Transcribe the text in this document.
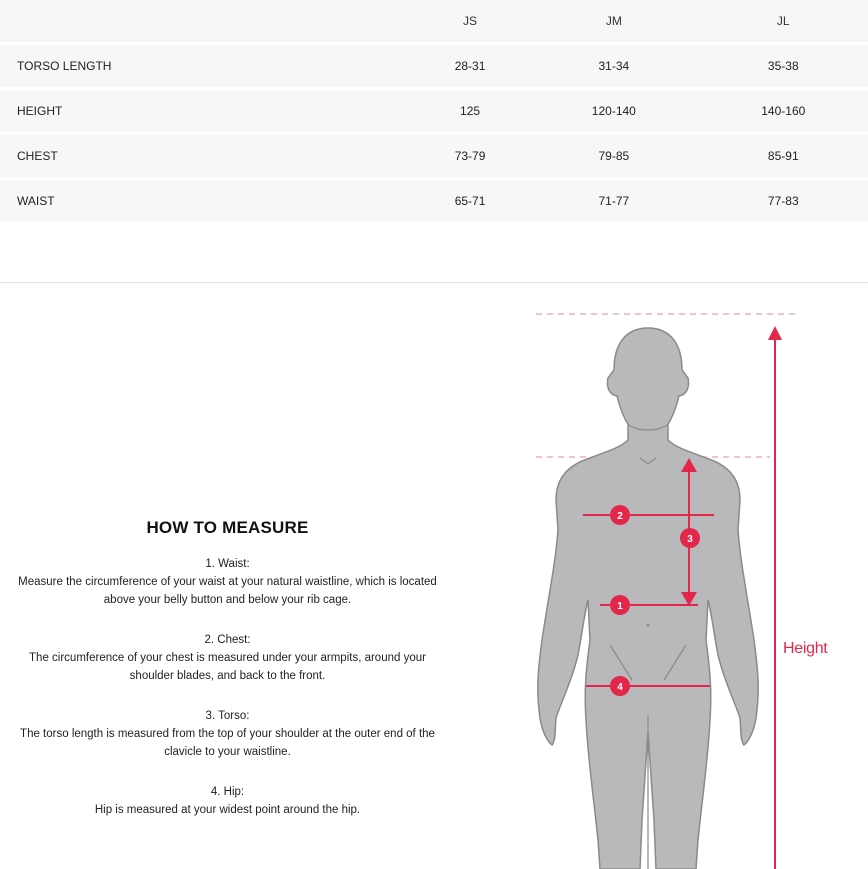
	JS	JM	JL
TORSO LENGTH	28-31	31-34	35-38
HEIGHT	125	120-140	140-160
CHEST	73-79	79-85	85-91
WAIST	65-71	71-77	77-83
HOW TO MEASURE
1. Waist:
Measure the circumference of your waist at your natural waistline, which is located above your belly button and below your rib cage.
2. Chest:
The circumference of your chest is measured under your armpits, around your shoulder blades, and back to the front.
3. Torso:
The torso length is measured from the top of your shoulder at the outer end of the clavicle to your waistline.
4. Hip:
Hip is measured at your widest point around the hip.
2
3
1
4
Height
